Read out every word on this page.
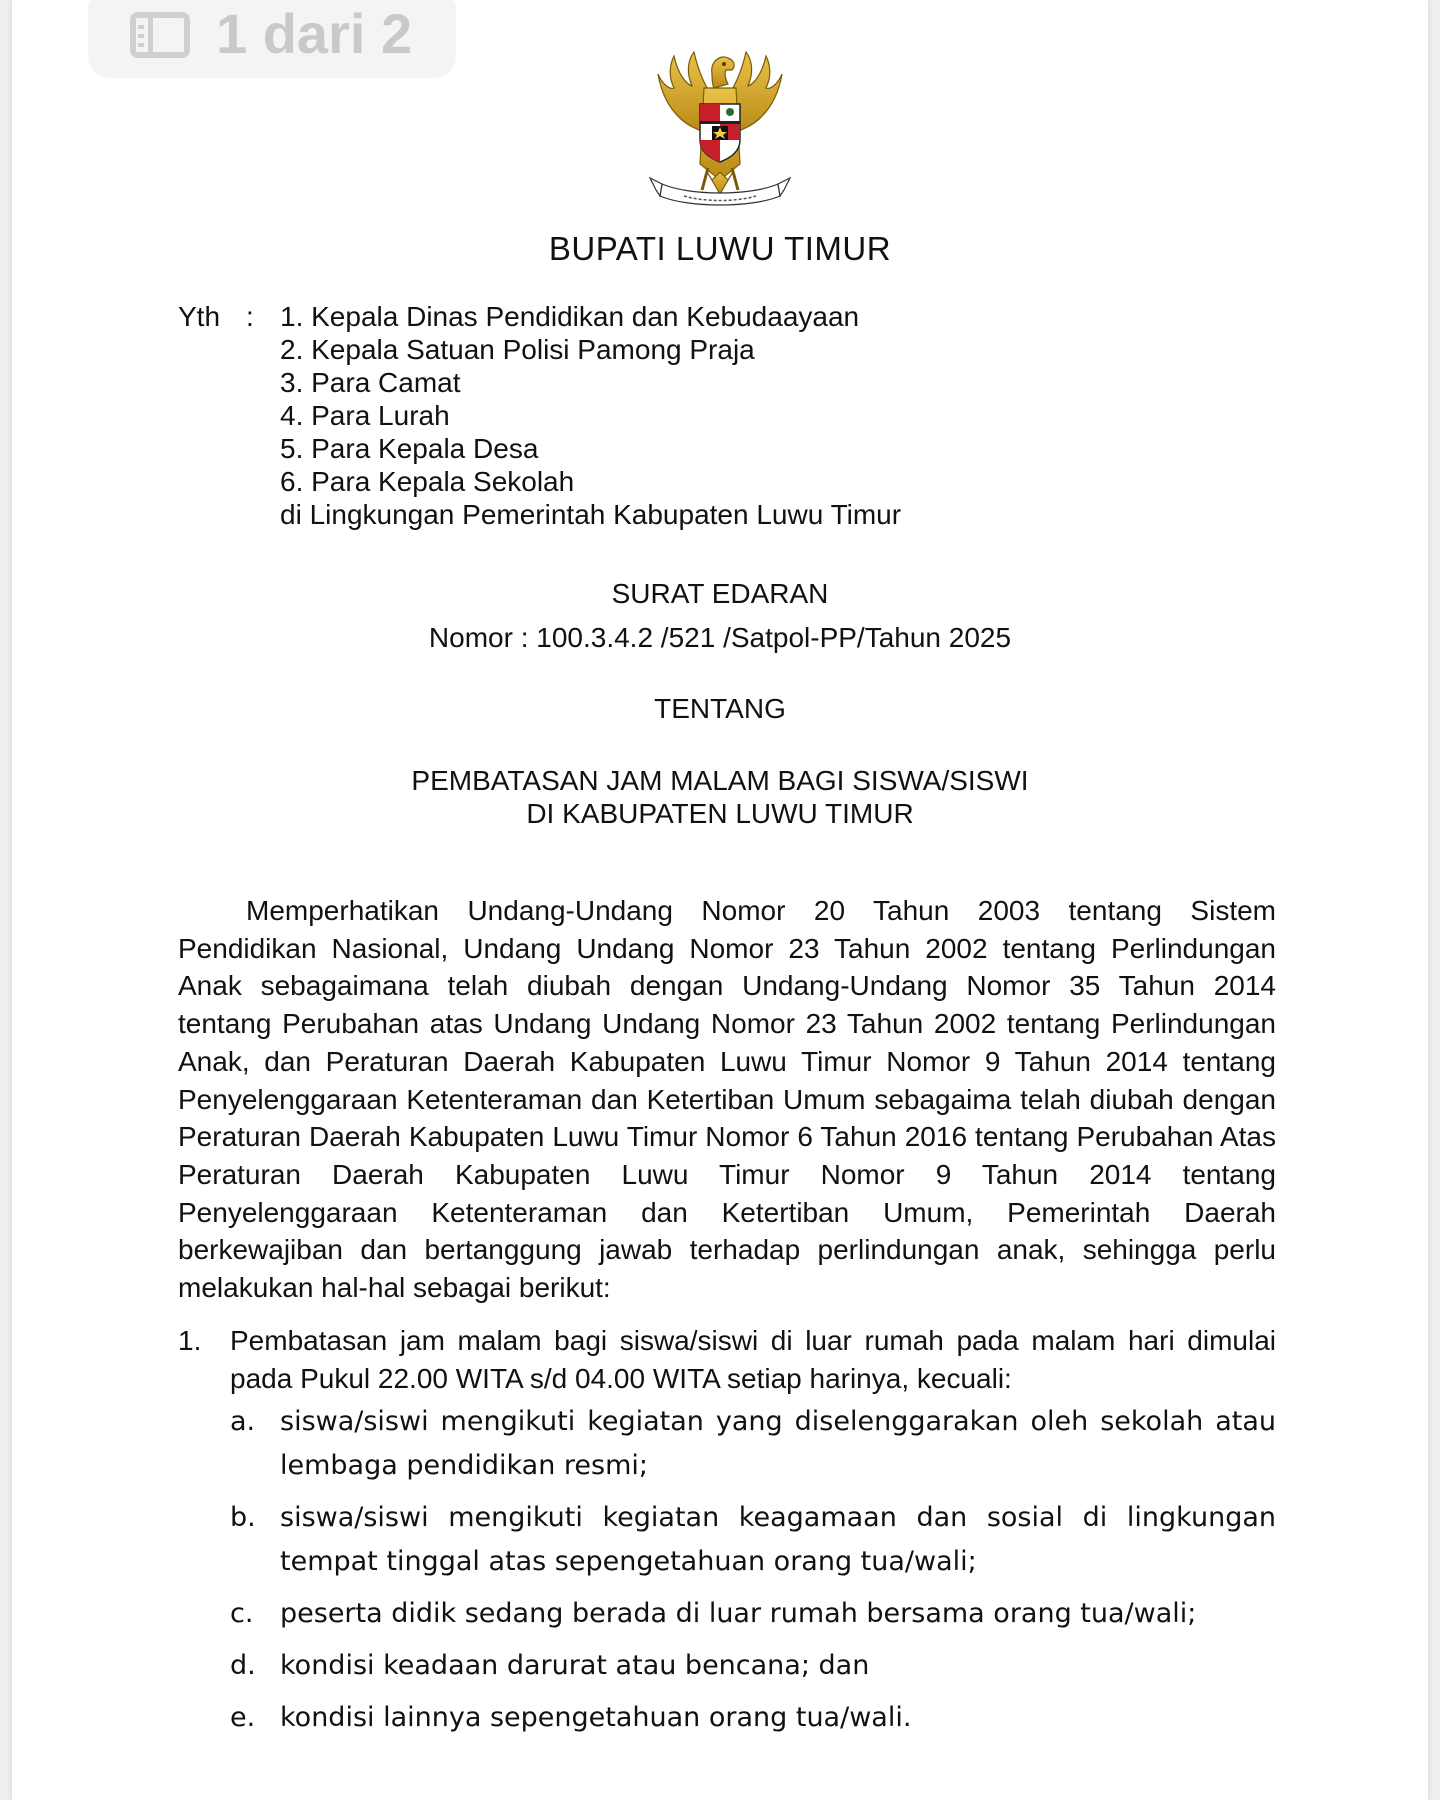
1 dari 2
BUPATI LUWU TIMUR
Yth : 1. Kepala Dinas Pendidikan dan Kebudaayaan
2. Kepala Satuan Polisi Pamong Praja
3. Para Camat
4. Para Lurah
5. Para Kepala Desa
6. Para Kepala Sekolah
di Lingkungan Pemerintah Kabupaten Luwu Timur
SURAT EDARAN
Nomor : 100.3.4.2 /521 /Satpol-PP/Tahun 2025
TENTANG
PEMBATASAN JAM MALAM BAGI SISWA/SISWI
DI KABUPATEN LUWU TIMUR
Memperhatikan Undang-Undang Nomor 20 Tahun 2003 tentang Sistem Pendidikan Nasional, Undang Undang Nomor 23 Tahun 2002 tentang Perlindungan Anak sebagaimana telah diubah dengan Undang-Undang Nomor 35 Tahun 2014 tentang Perubahan atas Undang Undang Nomor 23 Tahun 2002 tentang Perlindungan Anak, dan Peraturan Daerah Kabupaten Luwu Timur Nomor 9 Tahun 2014 tentang Penyelenggaraan Ketenteraman dan Ketertiban Umum sebagaima telah diubah dengan Peraturan Daerah Kabupaten Luwu Timur Nomor 6 Tahun 2016 tentang Perubahan Atas Peraturan Daerah Kabupaten Luwu Timur Nomor 9 Tahun 2014 tentang Penyelenggaraan Ketenteraman dan Ketertiban Umum, Pemerintah Daerah berkewajiban dan bertanggung jawab terhadap perlindungan anak, sehingga perlu melakukan hal-hal sebagai berikut:
1. Pembatasan jam malam bagi siswa/siswi di luar rumah pada malam hari dimulai pada Pukul 22.00 WITA s/d 04.00 WITA setiap harinya, kecuali:
a. siswa/siswi mengikuti kegiatan yang diselenggarakan oleh sekolah atau lembaga pendidikan resmi;
b. siswa/siswi mengikuti kegiatan keagamaan dan sosial di lingkungan tempat tinggal atas sepengetahuan orang tua/wali;
c. peserta didik sedang berada di luar rumah bersama orang tua/wali;
d. kondisi keadaan darurat atau bencana; dan
e. kondisi lainnya sepengetahuan orang tua/wali.
